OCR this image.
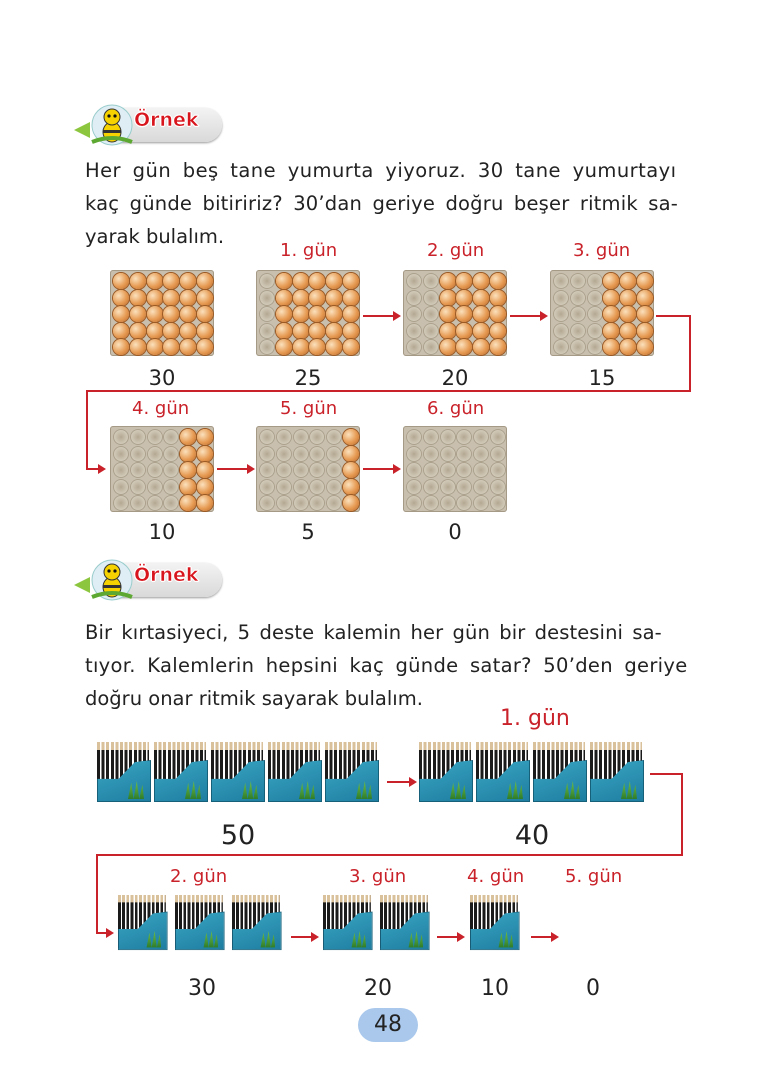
Örnek
Her gün beş tane yumurta yiyoruz. 30 tane yumurtayı
kaç günde bitiririz? 30’dan geriye doğru beşer ritmik sa-
yarak bulalım.
1. gün	2. gün	3. gün
4. gün	5. gün	6. gün
30	25	20	15
10	5	0
Örnek
Bir kırtasiyeci, 5 deste kalemin her gün bir destesini sa-
tıyor. Kalemlerin hepsini kaç günde satar? 50’den geriye
doğru onar ritmik sayarak bulalım.
1. gün
2. gün	3. gün	4. gün 5. gün
50	40
30	20	10	0
48
